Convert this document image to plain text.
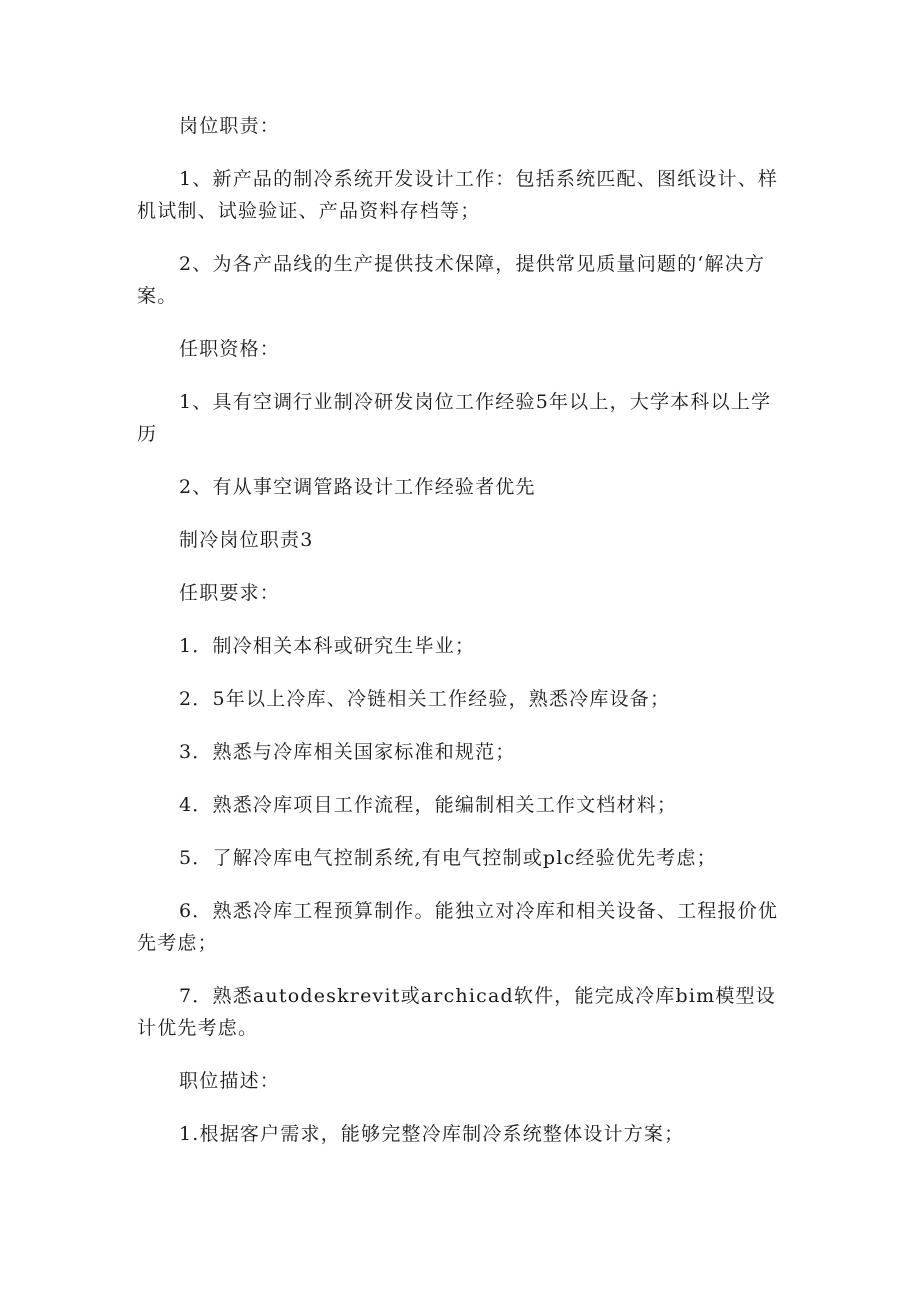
岗位职责：

1、新产品的制冷系统开发设计工作：包括系统匹配、图纸设计、样机试制、试验验证、产品资料存档等；

2、为各产品线的生产提供技术保障，提供常见质量问题的‘解决方案。

任职资格：

1、具有空调行业制冷研发岗位工作经验5年以上，大学本科以上学历

2、有从事空调管路设计工作经验者优先

制冷岗位职责3

任职要求：

1．制冷相关本科或研究生毕业；

2．5年以上冷库、冷链相关工作经验，熟悉冷库设备；

3．熟悉与冷库相关国家标准和规范；

4．熟悉冷库项目工作流程，能编制相关工作文档材料；

5．了解冷库电气控制系统,有电气控制或plc经验优先考虑；

6．熟悉冷库工程预算制作。能独立对冷库和相关设备、工程报价优先考虑；

7．熟悉autodeskrevit或archicad软件，能完成冷库bim模型设计优先考虑。

职位描述：

1.根据客户需求，能够完整冷库制冷系统整体设计方案；
